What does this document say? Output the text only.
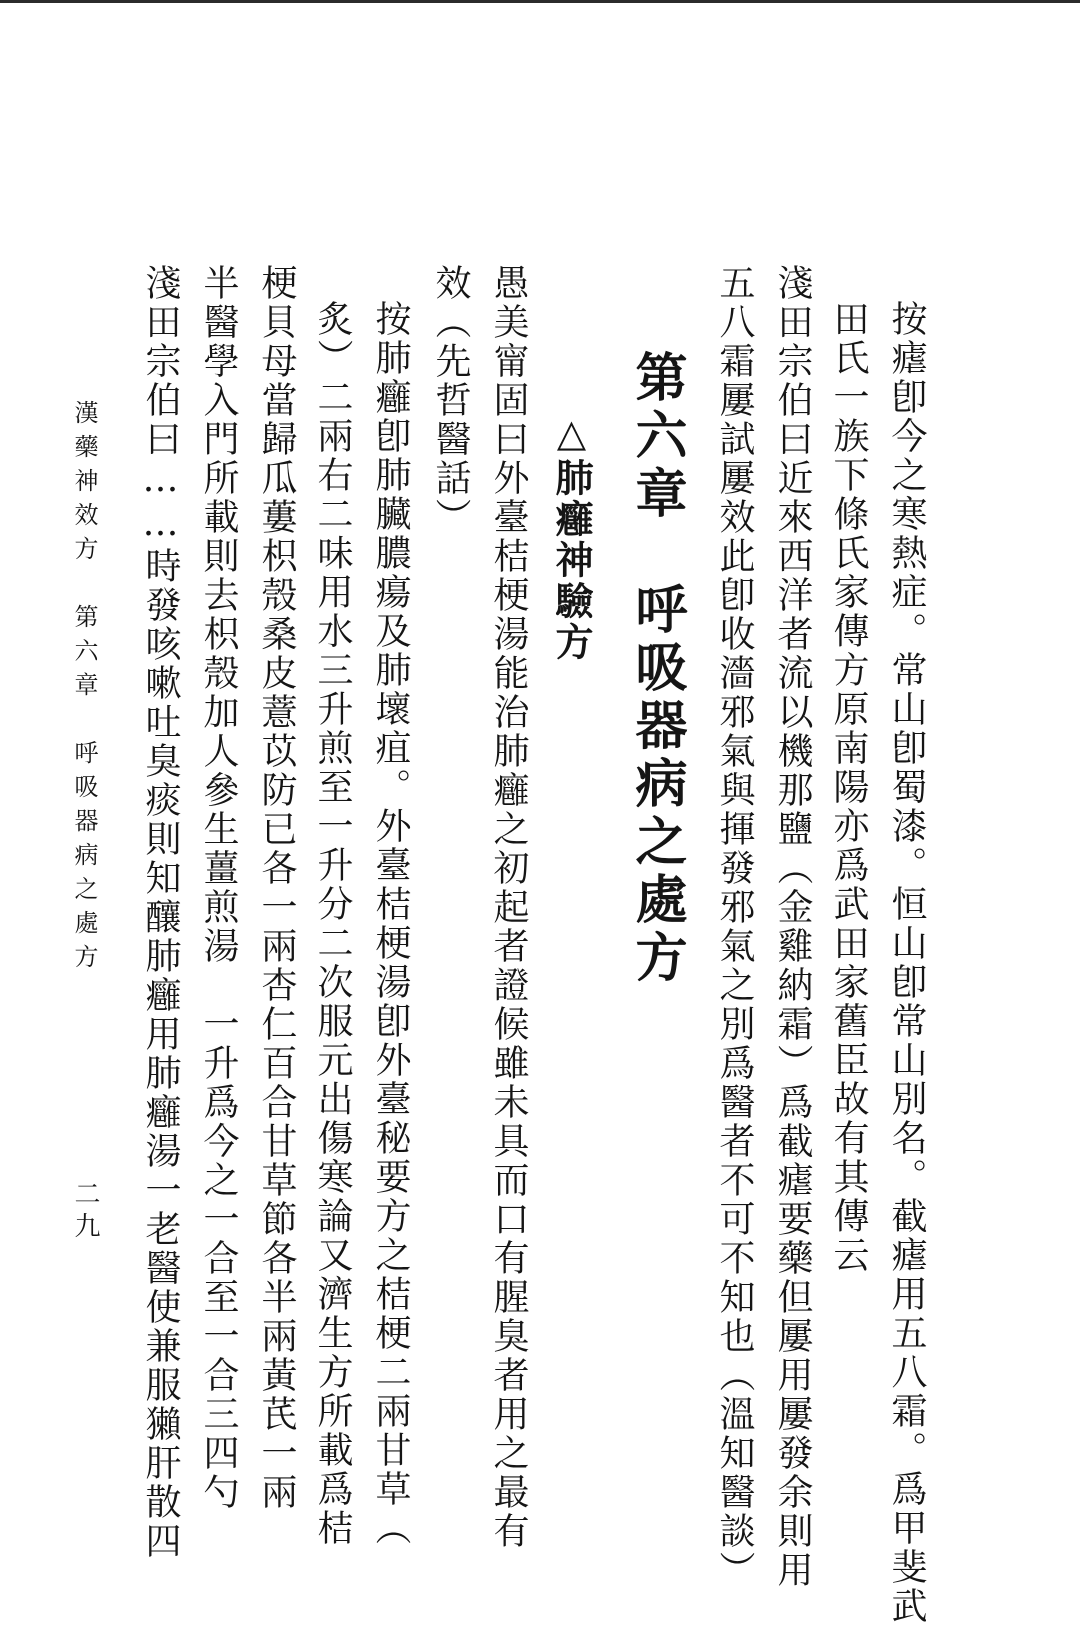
按瘧卽今之寒熱症。常山卽蜀漆。恒山卽常山別名。截瘧用五八霜。爲甲斐武
田氏一族下條氏家傳方原南陽亦爲武田家舊臣故有其傳云
淺田宗伯曰近來西洋者流以機那鹽（金雞納霜）爲截瘧要藥但屢用屢發余則用
五八霜屢試屢效此卽收濇邪氣與揮發邪氣之別爲醫者不可不知也（溫知醫談）
第六章　呼吸器病之處方
△肺癰神驗方
愚美甯固曰外臺桔梗湯能治肺癰之初起者證候雖未具而口有腥臭者用之最有
效（先哲醫話）
按肺癰卽肺臟膿瘍及肺壞疽。外臺桔梗湯卽外臺秘要方之桔梗二兩甘草（
炙）二兩右二味用水三升煎至一升分二次服元出傷寒論又濟生方所載爲桔
梗貝母當歸瓜蔞枳殼桑皮薏苡防已各一兩杏仁百合甘草節各半兩黃芪一兩
半醫學入門所載則去枳殼加人參生薑煎湯　一升爲今之一合至一合三四勺
淺田宗伯曰……時發咳嗽吐臭痰則知釀肺癰用肺癰湯一老醫使兼服獺肝散四
漢藥神效方　第六章　呼吸器病之處方
二九
